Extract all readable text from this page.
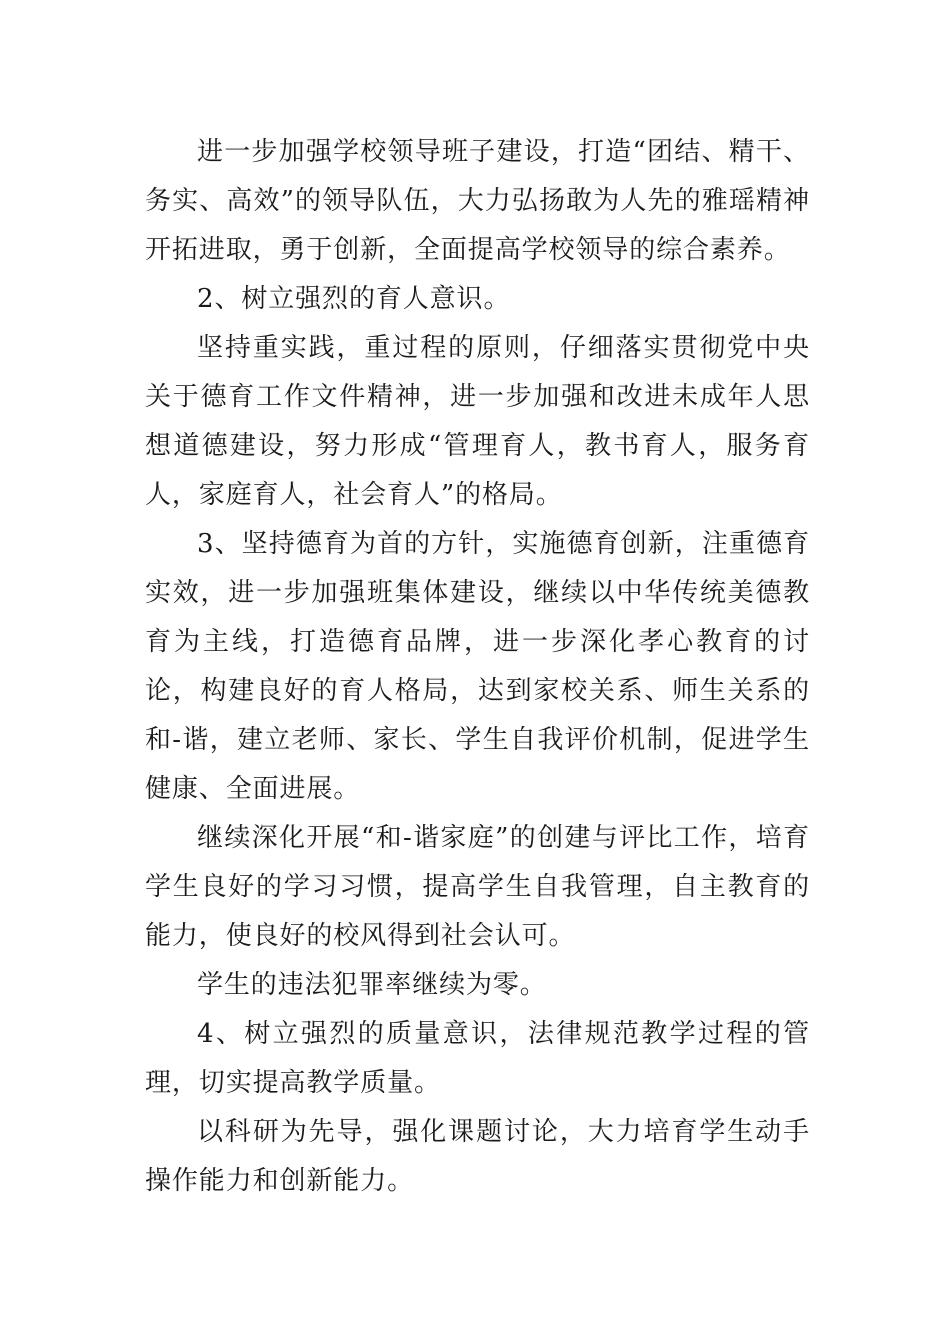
进一步加强学校领导班子建设，打造“团结、精干、务实、高效”的领导队伍，大力弘扬敢为人先的雅瑶精神开拓进取，勇于创新，全面提高学校领导的综合素养。

2、树立强烈的育人意识。

坚持重实践，重过程的原则，仔细落实贯彻党中央关于德育工作文件精神，进一步加强和改进未成年人思想道德建设，努力形成“管理育人，教书育人，服务育人，家庭育人，社会育人”的格局。

3、坚持德育为首的方针，实施德育创新，注重德育实效，进一步加强班集体建设，继续以中华传统美德教育为主线，打造德育品牌，进一步深化孝心教育的讨论，构建良好的育人格局，达到家校关系、师生关系的和-谐，建立老师、家长、学生自我评价机制，促进学生健康、全面进展。

继续深化开展“和-谐家庭”的创建与评比工作，培育学生良好的学习习惯，提高学生自我管理，自主教育的能力，使良好的校风得到社会认可。

学生的违法犯罪率继续为零。

4、树立强烈的质量意识，法律规范教学过程的管理，切实提高教学质量。

以科研为先导，强化课题讨论，大力培育学生动手操作能力和创新能力。
